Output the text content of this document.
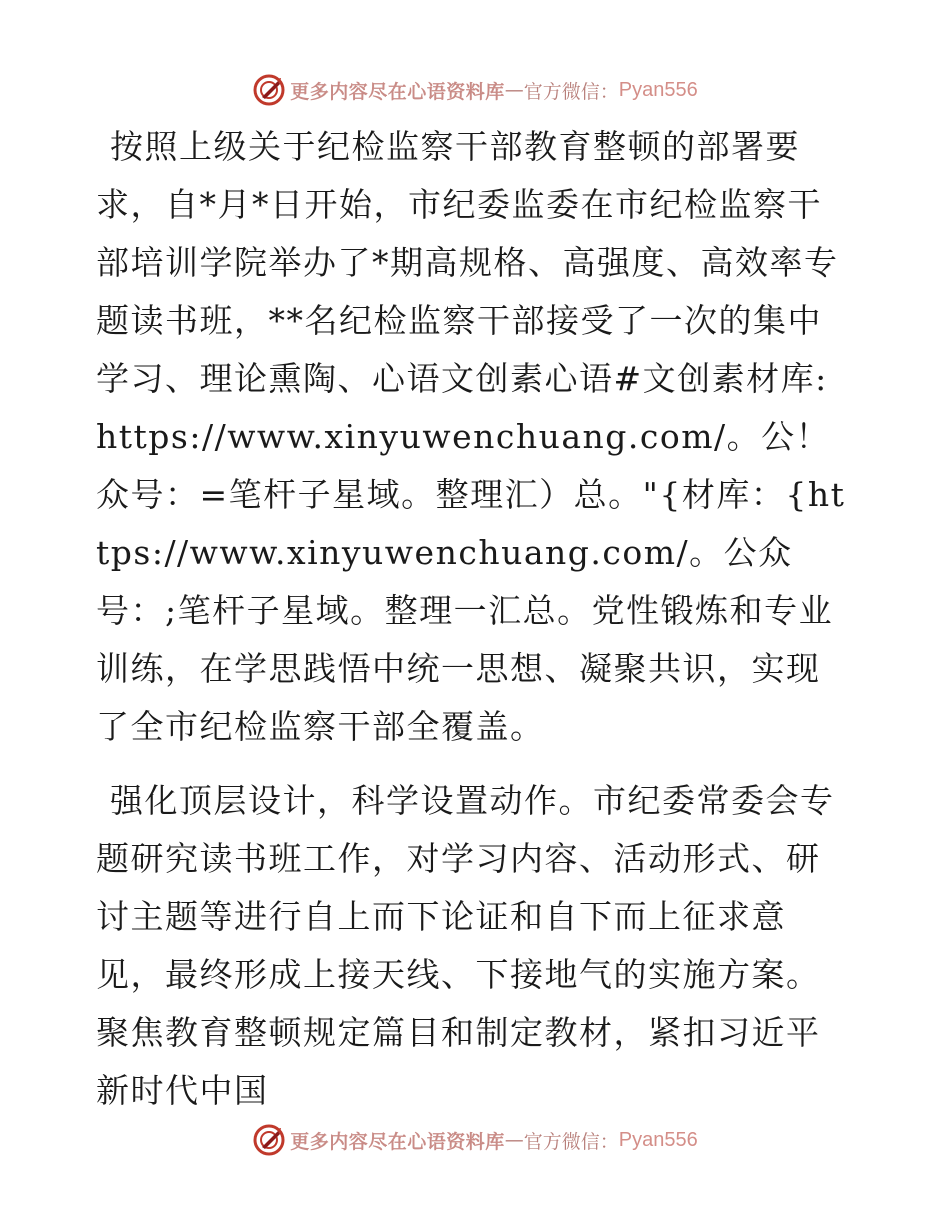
更多内容尽在心语资料库 — 官方微信： Pyan556

按照上级关于纪检监察干部教育整顿的部署要求，自*月*日开始，市纪委监委在市纪检监察干部培训学院举办了*期高规格、高强度、高效率专题读书班，**名纪检监察干部接受了一次的集中学习、理论熏陶、心语文创素心语#文创素材库: https://www.xinyuwenchuang.com/。公！众号：=笔杆子星域。整理汇）总。"{材库：{https://www.xinyuwenchuang.com/。公众号：;笔杆子星域。整理一汇总。党性锻炼和专业训练，在学思践悟中统一思想、凝聚共识，实现了全市纪检监察干部全覆盖。

强化顶层设计，科学设置动作。市纪委常委会专题研究读书班工作，对学习内容、活动形式、研讨主题等进行自上而下论证和自下而上征求意见，最终形成上接天线、下接地气的实施方案。聚焦教育整顿规定篇目和制定教材，紧扣习近平新时代中国

更多内容尽在心语资料库 — 官方微信： Pyan556
